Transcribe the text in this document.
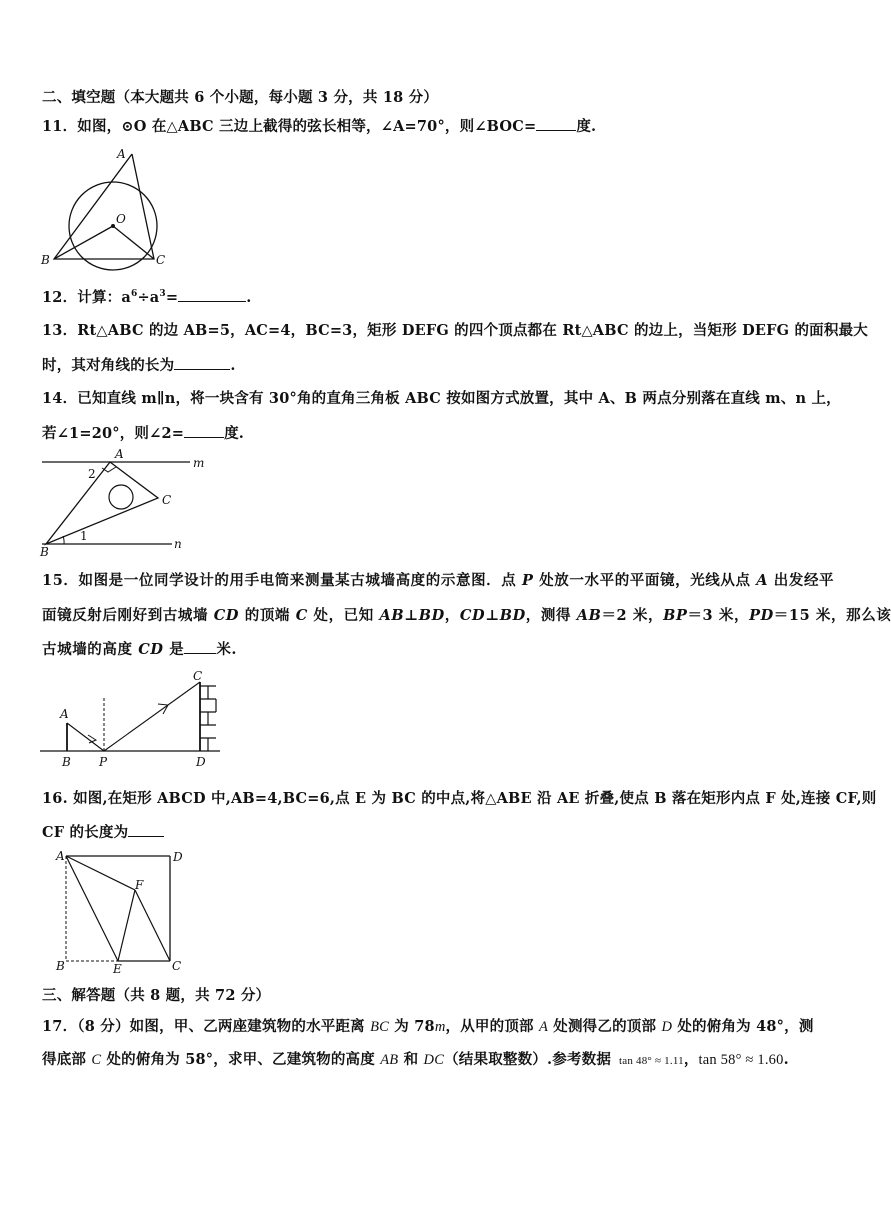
二、填空题（本大题共 6 个小题，每小题 3 分，共 18 分）
11．如图，⊙O 在△ABC 三边上截得的弦长相等，∠A=70°，则∠BOC=	度.
A
B	C
O
12．计算：$a^6\div a^3=$	.
13．Rt△ABC 的边 AB=5，AC=4，BC=3，矩形 DEFG 的四个顶点都在 Rt△ABC 的边上，当矩形 DEFG 的面积最大
时，其对角线的长为	.
14．已知直线 m∥n，将一块含有 30°角的直角三角板 ABC 按如图方式放置，其中 A、B 两点分别落在直线 m、n 上，
若∠1=20°，则∠2=	度.
A
B
C
m
n
1
2
15．如图是一位同学设计的用手电筒来测量某古城墙高度的示意图．点 P 处放一水平的平面镜，光线从点 A 出发经平
面镜反射后刚好到古城墙 CD 的顶端 C 处，已知 AB⊥BD，CD⊥BD，测得 AB＝2 米，BP＝3 米，PD＝15 米，那么该
古城墙的高度 CD 是 米.
A
B P
C
D
16. 如图,在矩形 ABCD 中,AB=4,BC=6,点 E 为 BC 的中点,将△ABE 沿 AE 折叠,使点 B 落在矩形内点 F 处,连接 CF,则
CF 的长度为
A	D
F
B	E	C
三、解答题（共 8 题，共 72 分）
17．（8 分）如图，甲、乙两座建筑物的水平距离 BC 为 78m，从甲的顶部 A 处测得乙的顶部 D 处的俯角为 48°，测
得底部 C 处的俯角为 58°，求甲、乙建筑物的高度 AB 和 DC（结果取整数）.参考数据 tan 48° ≈ 1.11，tan 58° ≈ 1.60.
